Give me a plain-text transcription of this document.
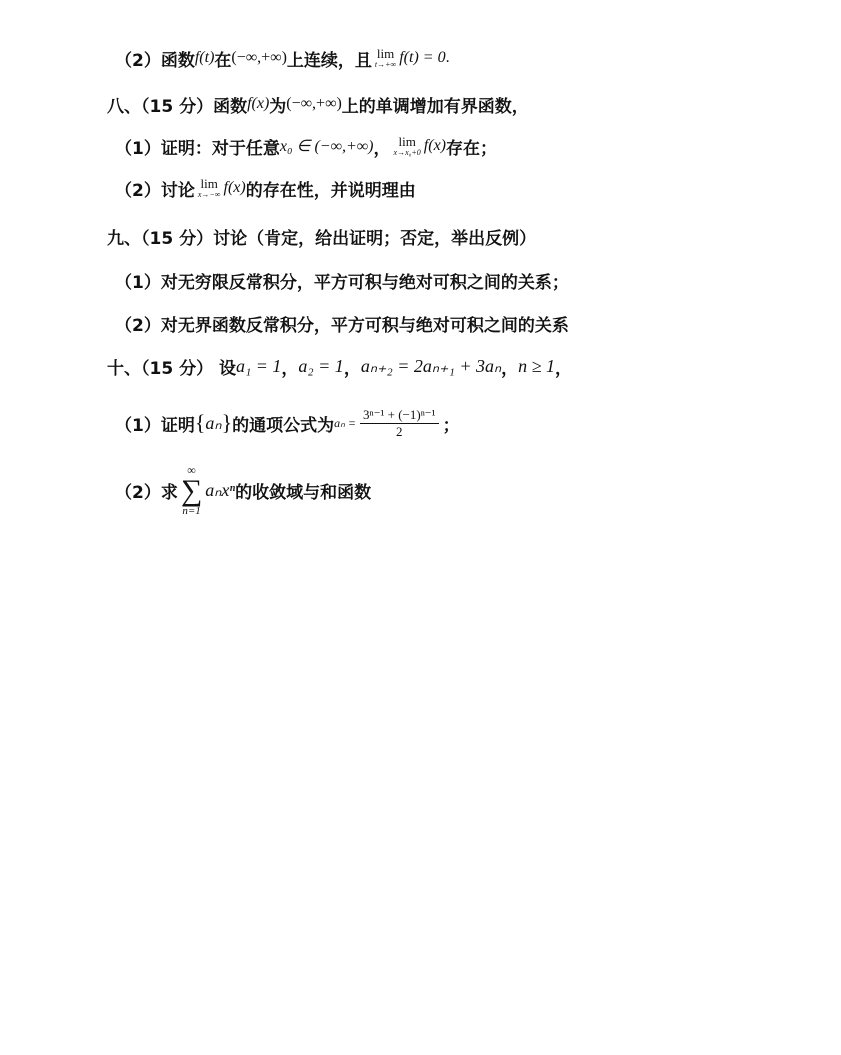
（2）函数 f(t) 在 (−∞,+∞) 上连续，且 lim
t→+∞ f(t) = 0 .
八、（15 分）函数 f(x) 为 (−∞,+∞) 上的单调增加有界函数，
（1）证明：对于任意 x₀ ∈ (−∞,+∞) ， lim
x→x₀+0 f(x) 存在；
（2）讨论 lim
x→−∞ f(x) 的存在性，并说明理由
九、（15 分）讨论（肯定，给出证明；否定，举出反例）
（1）对无穷限反常积分，平方可积与绝对可积之间的关系；
（2）对无界函数反常积分，平方可积与绝对可积之间的关系
十、（15 分） 设 a₁ = 1 ， a₂ = 1 ， aₙ₊₂ = 2aₙ₊₁ + 3aₙ ， n ≥ 1 ，
（1）证明 { aₙ } 的通项公式为 $a_n = \frac{\text{3ⁿ⁻¹ + (−1)ⁿ⁻¹}}{2}$ ；
（2）求
∞
∑
n=1
aₙxⁿ 的收敛域与和函数
